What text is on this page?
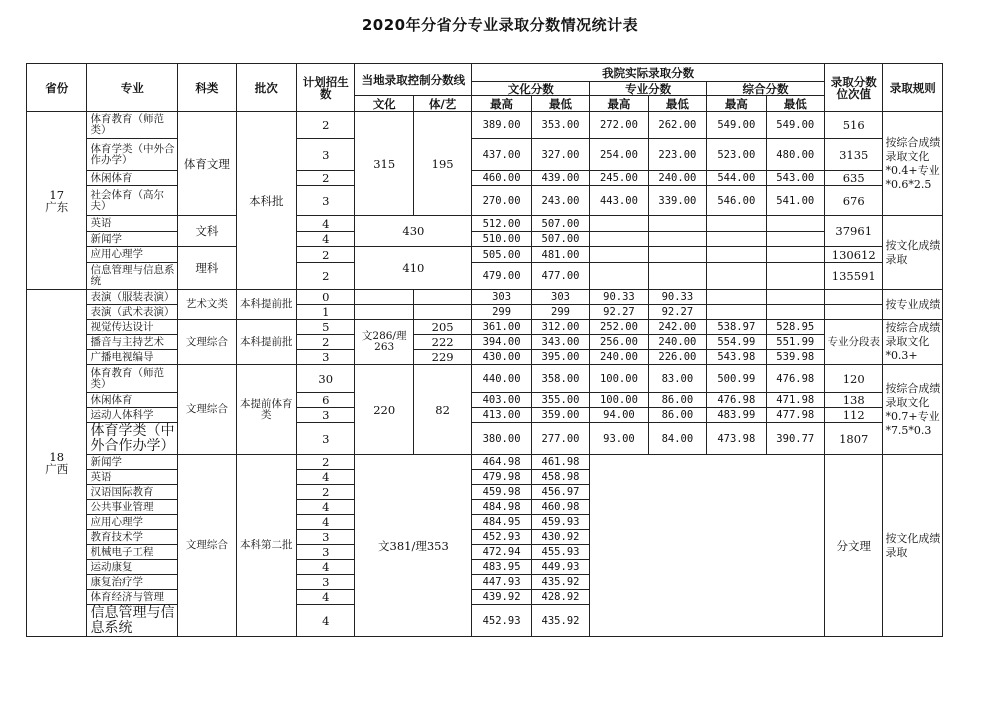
2020年分省分专业录取分数情况统计表
省份	专业	科类	批次	计划招生数	当地录取控制分数线		我院实际录取分数						录取分数位次值	录取规则
							文化分数		专业分数		综合分数			
					文化	体/艺	最高	最低	最高	最低	最高	最低		
17
广东	体育教育（师范类）	体育文理	本科批	2	315	195	389.00	353.00	272.00	262.00	549.00	549.00	516	按综合成绩录取文化*0.4+专业*0.6*2.5
	体育学类（中外合作办学）			3			437.00	327.00	254.00	223.00	523.00	480.00	3135	
	休闲体育			2			460.00	439.00	245.00	240.00	544.00	543.00	635	
	社会体育（高尔夫）			3			270.00	243.00	443.00	339.00	546.00	541.00	676	
	英语	文科		4	430		512.00	507.00					37961	按文化成绩录取
	新闻学			4			510.00	507.00						
	应用心理学	理科		2	410		505.00	481.00					130612	
	信息管理与信息系统			2			479.00	477.00					135591	
18
广西	表演（服装表演）	艺术文类	本科提前批	0			303	303	90.33	90.33				按专业成绩
	表演（武术表演）			1			299	299	92.27	92.27				
	视觉传达设计	文理综合	本科提前批	5	文286/理263	205	361.00	312.00	252.00	242.00	538.97	528.95	专业分段表	按综合成绩录取文化*0.3+
	播音与主持艺术			2		222	394.00	343.00	256.00	240.00	554.99	551.99		
	广播电视编导			3		229	430.00	395.00	240.00	226.00	543.98	539.98		
	体育教育（师范类）	文理综合	本提前体育类	30	220	82	440.00	358.00	100.00	83.00	500.99	476.98	120	按综合成绩录取文化*0.7+专业*7.5*0.3
	休闲体育			6			403.00	355.00	100.00	86.00	476.98	471.98	138	
	运动人体科学			3			413.00	359.00	94.00	86.00	483.99	477.98	112	
	体育学类（中外合作办学）			3			380.00	277.00	93.00	84.00	473.98	390.77	1807	
	新闻学	文理综合	本科第二批	2	文381/理353		464.98	461.98					分文理	按文化成绩录取
	英语			4			479.98	458.98						
	汉语国际教育			2			459.98	456.97						
	公共事业管理			4			484.98	460.98						
	应用心理学			4			484.95	459.93						
	教育技术学			3			452.93	430.92						
	机械电子工程			3			472.94	455.93						
	运动康复			4			483.95	449.93						
	康复治疗学			3			447.93	435.92						
	体育经济与管理			4			439.92	428.92						
	信息管理与信息系统			4			452.93	435.92						
